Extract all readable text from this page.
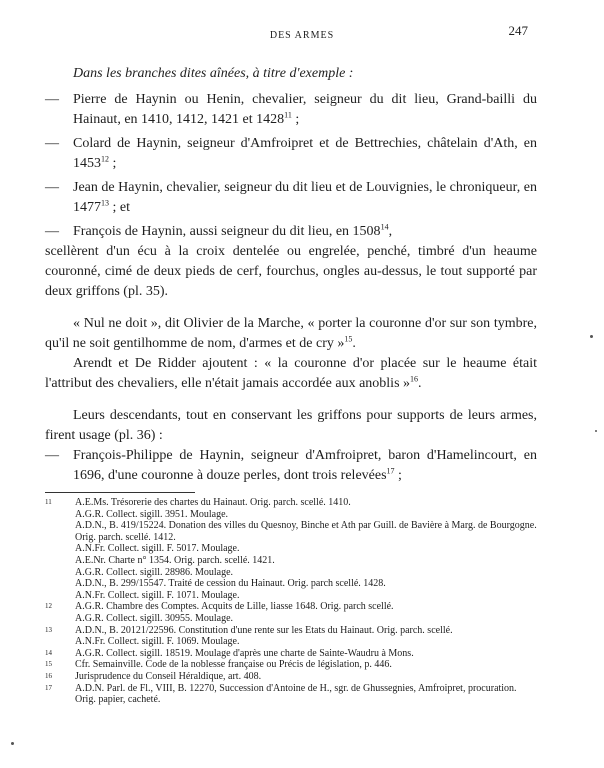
DES ARMES	247
Dans les branches dites aînées, à titre d'exemple :
— Pierre de Haynin ou Henin, chevalier, seigneur du dit lieu, Grand-bailli du Hainaut, en 1410, 1412, 1421 et 1428$^{11}$ ;
— Colard de Haynin, seigneur d'Amfroipret et de Bettrechies, châtelain d'Ath, en 1453$^{12}$ ;
— Jean de Haynin, chevalier, seigneur du dit lieu et de Louvignies, le chroniqueur, en 1477$^{13}$ ; et
— François de Haynin, aussi seigneur du dit lieu, en 1508$^{14}$,

scellèrent d'un écu à la croix dentelée ou engrelée, penché, timbré d'un heaume couronné, cimé de deux pieds de cerf, fourchus, ongles au-dessus, le tout supporté par deux griffons (pl. 35).

« Nul ne doit », dit Olivier de la Marche, « porter la couronne d'or sur son tymbre, qu'il ne soit gentilhomme de nom, d'armes et de cry »$^{15}$.

Arendt et De Ridder ajoutent : « la couronne d'or placée sur le heaume était l'attribut des chevaliers, elle n'était jamais accordée aux anoblis »$^{16}$.

Leurs descendants, tout en conservant les griffons pour supports de leurs armes, firent usage (pl. 36) :

— François-Philippe de Haynin, seigneur d'Amfroipret, baron d'Hamelincourt, en 1696, d'une couronne à douze perles, dont trois relevées$^{17}$ ;
11 A.E.Ms. Trésorerie des chartes du Hainaut. Orig. parch. scellé. 1410.
A.G.R. Collect. sigill. 3951. Moulage.
A.D.N., B. 419/15224. Donation des villes du Quesnoy, Binche et Ath par Guill. de Bavière à Marg. de Bourgogne. Orig. parch. scellé. 1412.
A.N.Fr. Collect. sigill. F. 5017. Moulage.
A.E.Nr. Charte n° 1354. Orig. parch. scellé. 1421.
A.G.R. Collect. sigill. 28986. Moulage.
A.D.N., B. 299/15547. Traité de cession du Hainaut. Orig. parch scellé. 1428.
A.N.Fr. Collect. sigill. F. 1071. Moulage.
12 A.G.R. Chambre des Comptes. Acquits de Lille, liasse 1648. Orig. parch scellé.
A.G.R. Collect. sigill. 30955. Moulage.
13 A.D.N., B. 20121/22596. Constitution d'une rente sur les Etats du Hainaut. Orig. parch. scellé.
A.N.Fr. Collect. sigill. F. 1069. Moulage.
14 A.G.R. Collect. sigill. 18519. Moulage d'après une charte de Sainte-Waudru à Mons.
15 Cfr. Semainville. Code de la noblesse française ou Précis de législation, p. 446.
16 Jurisprudence du Conseil Héraldique, art. 408.
17 A.D.N. Parl. de Fl., VIII, B. 12270, Succession d'Antoine de H., sgr. de Ghussegnies, Amfroipret, procuration. Orig. papier, cacheté.
